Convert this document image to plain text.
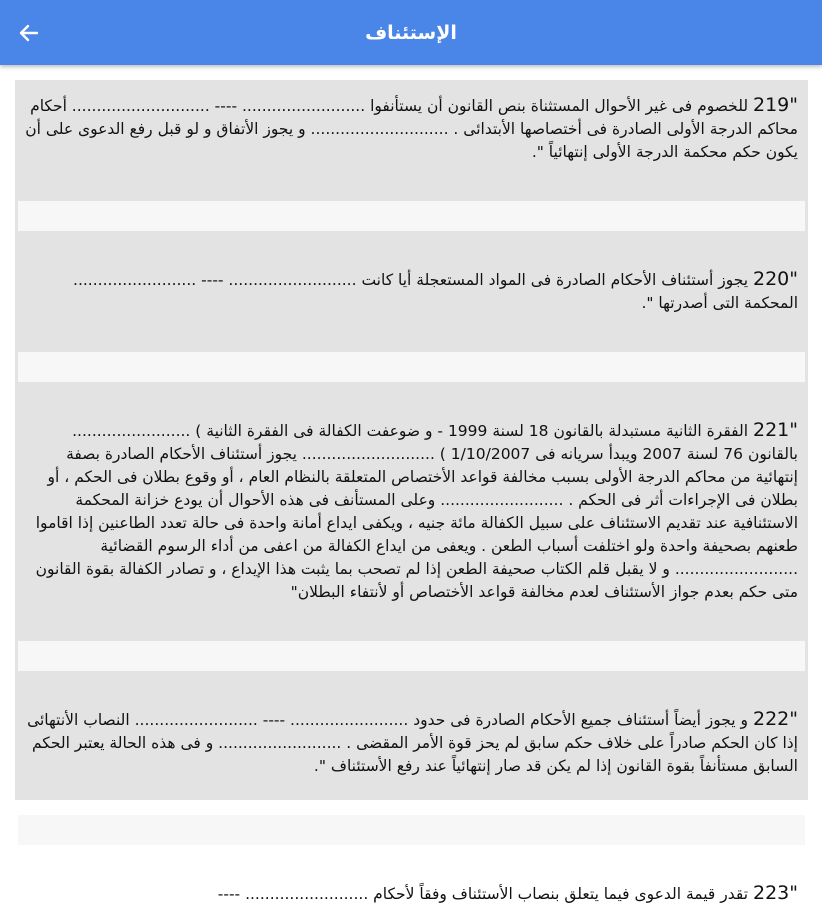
الإستئناف
"219 للخصوم فى غير الأحوال المستثناة بنص القانون أن يستأنفوا ......................... ---- ............................ أحكام محاكم الدرجة الأولى الصادرة فى أختصاصها الأبتدائى . ............................ و يجوز الأتفاق و لو قبل رفع الدعوى على أن يكون حكم محكمة الدرجة الأولى إنتهائياً ".
"220 يجوز أستئناف الأحكام الصادرة فى المواد المستعجلة أيا كانت .......................... ---- ......................... المحكمة التى أصدرتها ".
"221 الفقرة الثانية مستبدلة بالقانون 18 لسنة 1999 - و ضوعفت الكفالة فى الفقرة الثانية ) ........................ بالقانون 76 لسنة 2007 ويبدأ سريانه فى 1/10/2007 ) ........................... يجوز أستئناف الأحكام الصادرة بصفة إنتهائية من محاكم الدرجة الأولى بسبب مخالفة قواعد الأختصاص المتعلقة بالنظام العام ، أو وقوع بطلان فى الحكم ، أو بطلان فى الإجراءات أثر فى الحكم . ......................... وعلى المستأنف فى هذه الأحوال أن يودع خزانة المحكمة الاستئنافية عند تقديم الاستئناف على سبيل الكفالة مائة جنيه ، ويكفى ايداع أمانة واحدة فى حالة تعدد الطاعنين إذا اقاموا طعنهم بصحيفة واحدة ولو اختلفت أسباب الطعن . ويعفى من ايداع الكفالة من اعفى من أداء الرسوم القضائية ......................... و لا يقبل قلم الكتاب صحيفة الطعن إذا لم تصحب بما يثبت هذا الإيداع ، و تصادر الكفالة بقوة القانون متى حكم بعدم جواز الأستئناف لعدم مخالفة قواعد الأختصاص أو لأنتفاء البطلان"
"222 و يجوز أيضاً أستئناف جميع الأحكام الصادرة فى حدود ........................ ---- ......................... النصاب الأنتهائى إذا كان الحكم صادراً على خلاف حكم سابق لم يحز قوة الأمر المقضى . ......................... و فى هذه الحالة يعتبر الحكم السابق مستأنفاً بقوة القانون إذا لم يكن قد صار إنتهائياً عند رفع الأستئناف ".
"223 تقدر قيمة الدعوى فيما يتعلق بنصاب الأستئناف وفقاً لأحكام ......................... ----
